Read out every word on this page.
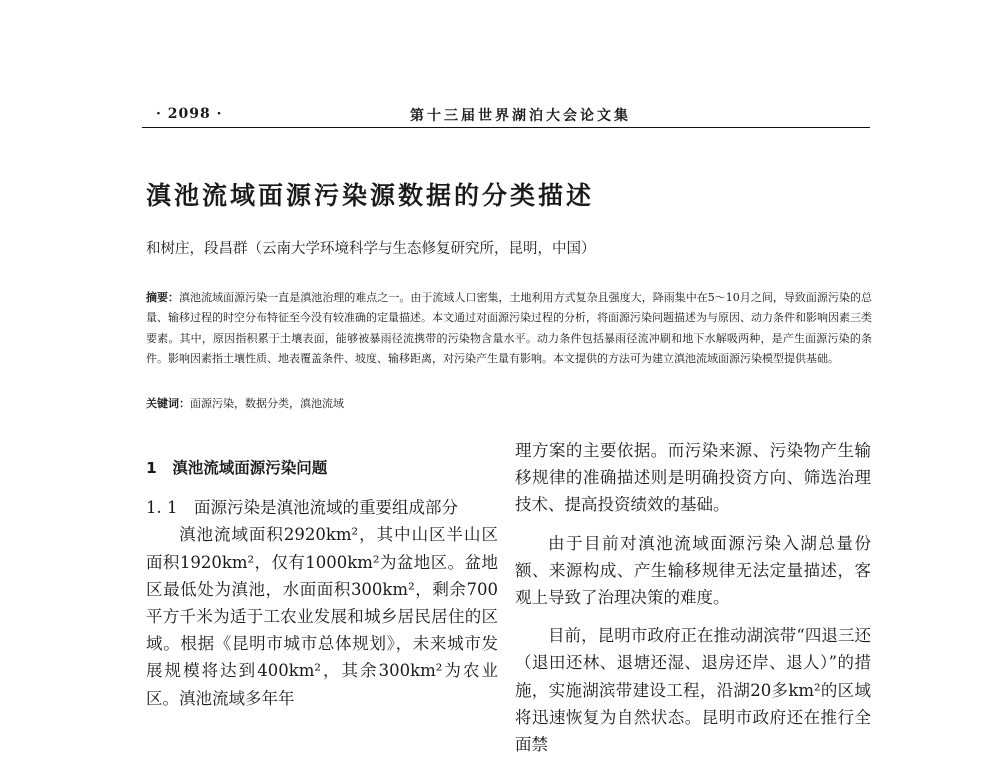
· 2098 ·	第十三届世界湖泊大会论文集
滇池流域面源污染源数据的分类描述
和树庄，段昌群（云南大学环境科学与生态修复研究所，昆明，中国）
摘要：滇池流域面源污染一直是滇池治理的难点之一。由于流域人口密集，土地利用方式复杂且强度大，降雨集中在5～10月之间，导致面源污染的总量、输移过程的时空分布特征至今没有较准确的定量描述。本文通过对面源污染过程的分析，将面源污染问题描述为与原因、动力条件和影响因素三类要素。其中，原因指积累于土壤表面，能够被暴雨径流携带的污染物含量水平。动力条件包括暴雨径流冲刷和地下水解吸两种，是产生面源污染的条件。影响因素指土壤性质、地表覆盖条件、坡度、输移距离，对污染产生量有影响。本文提供的方法可为建立滇池流域面源污染模型提供基础。
关键词：面源污染，数据分类，滇池流域

1　滇池流域面源污染问题

1. 1　面源污染是滇池流域的重要组成部分

滇池流域面积2920km²，其中山区半山区面积1920km²，仅有1000km²为盆地区。盆地区最低处为滇池，水面面积300km²，剩余700平方千米为适于工农业发展和城乡居民居住的区域。根据《昆明市城市总体规划》，未来城市发展规模将达到400km²，其余300km²为农业区。滇池流域多年年

理方案的主要依据。而污染来源、污染物产生输移规律的准确描述则是明确投资方向、筛选治理技术、提高投资绩效的基础。

由于目前对滇池流域面源污染入湖总量份额、来源构成、产生输移规律无法定量描述，客观上导致了治理决策的难度。

目前，昆明市政府正在推动湖滨带“四退三还（退田还林、退塘还湿、退房还岸、退人）”的措施，实施湖滨带建设工程，沿湖20多km²的区域将迅速恢复为自然状态。昆明市政府还在推行全面禁
